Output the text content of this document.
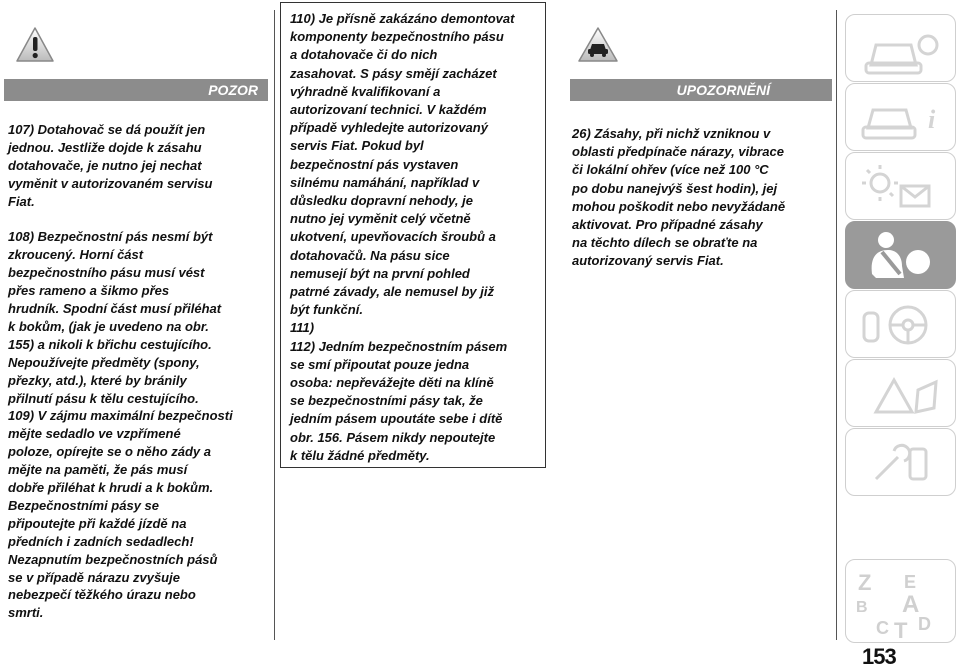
POZOR
107) Dotahovač se dá použít jen
jednou. Jestliže dojde k zásahu
dotahovače, je nutno jej nechat
vyměnit v autorizovaném servisu
Fiat.
108) Bezpečnostní pás nesmí být
zkroucený. Horní část
bezpečnostního pásu musí vést
přes rameno a šikmo přes
hrudník. Spodní část musí přiléhat
k bokům, (jak je uvedeno na obr.
155) a nikoli k břichu cestujícího.
Nepoužívejte předměty (spony,
přezky, atd.), které by bránily
přilnutí pásu k tělu cestujícího.
109) V zájmu maximální bezpečnosti
mějte sedadlo ve vzpřímené
poloze, opírejte se o něho zády a
mějte na paměti, že pás musí
dobře přiléhat k hrudi a k bokům.
Bezpečnostními pásy se
připoutejte při každé jízdě na
předních i zadních sedadlech!
Nezapnutím bezpečnostních pásů
se v případě nárazu zvyšuje
nebezpečí těžkého úrazu nebo
smrti.
110) Je přísně zakázáno demontovat
komponenty bezpečnostního pásu
a dotahovače či do nich
zasahovat. S pásy smějí zacházet
výhradně kvalifikovaní a
autorizovaní technici. V každém
případě vyhledejte autorizovaný
servis Fiat. Pokud byl
bezpečnostní pás vystaven
silnému namáhání, například v
důsledku dopravní nehody, je
nutno jej vyměnit celý včetně
ukotvení, upevňovacích šroubů a
dotahovačů. Na pásu sice
nemusejí být na první pohled
patrné závady, ale nemusel by již
být funkční.
111)
112) Jedním bezpečnostním pásem
se smí připoutat pouze jedna
osoba: nepřevážejte děti na klíně
se bezpečnostními pásy tak, že
jedním pásem upoutáte sebe i dítě
obr. 156. Pásem nikdy nepoutejte
k tělu žádné předměty.
UPOZORNĚNÍ
26) Zásahy, při nichž vzniknou v
oblasti předpínače nárazy, vibrace
či lokální ohřev (více než 100 °C
po dobu nanejvýš šest hodin), jej
mohou poškodit nebo nevyžádaně
aktivovat. Pro případné zásahy
na těchto dílech se obraťte na
autorizovaný servis Fiat.
i
Z E
B A
C T D
153
